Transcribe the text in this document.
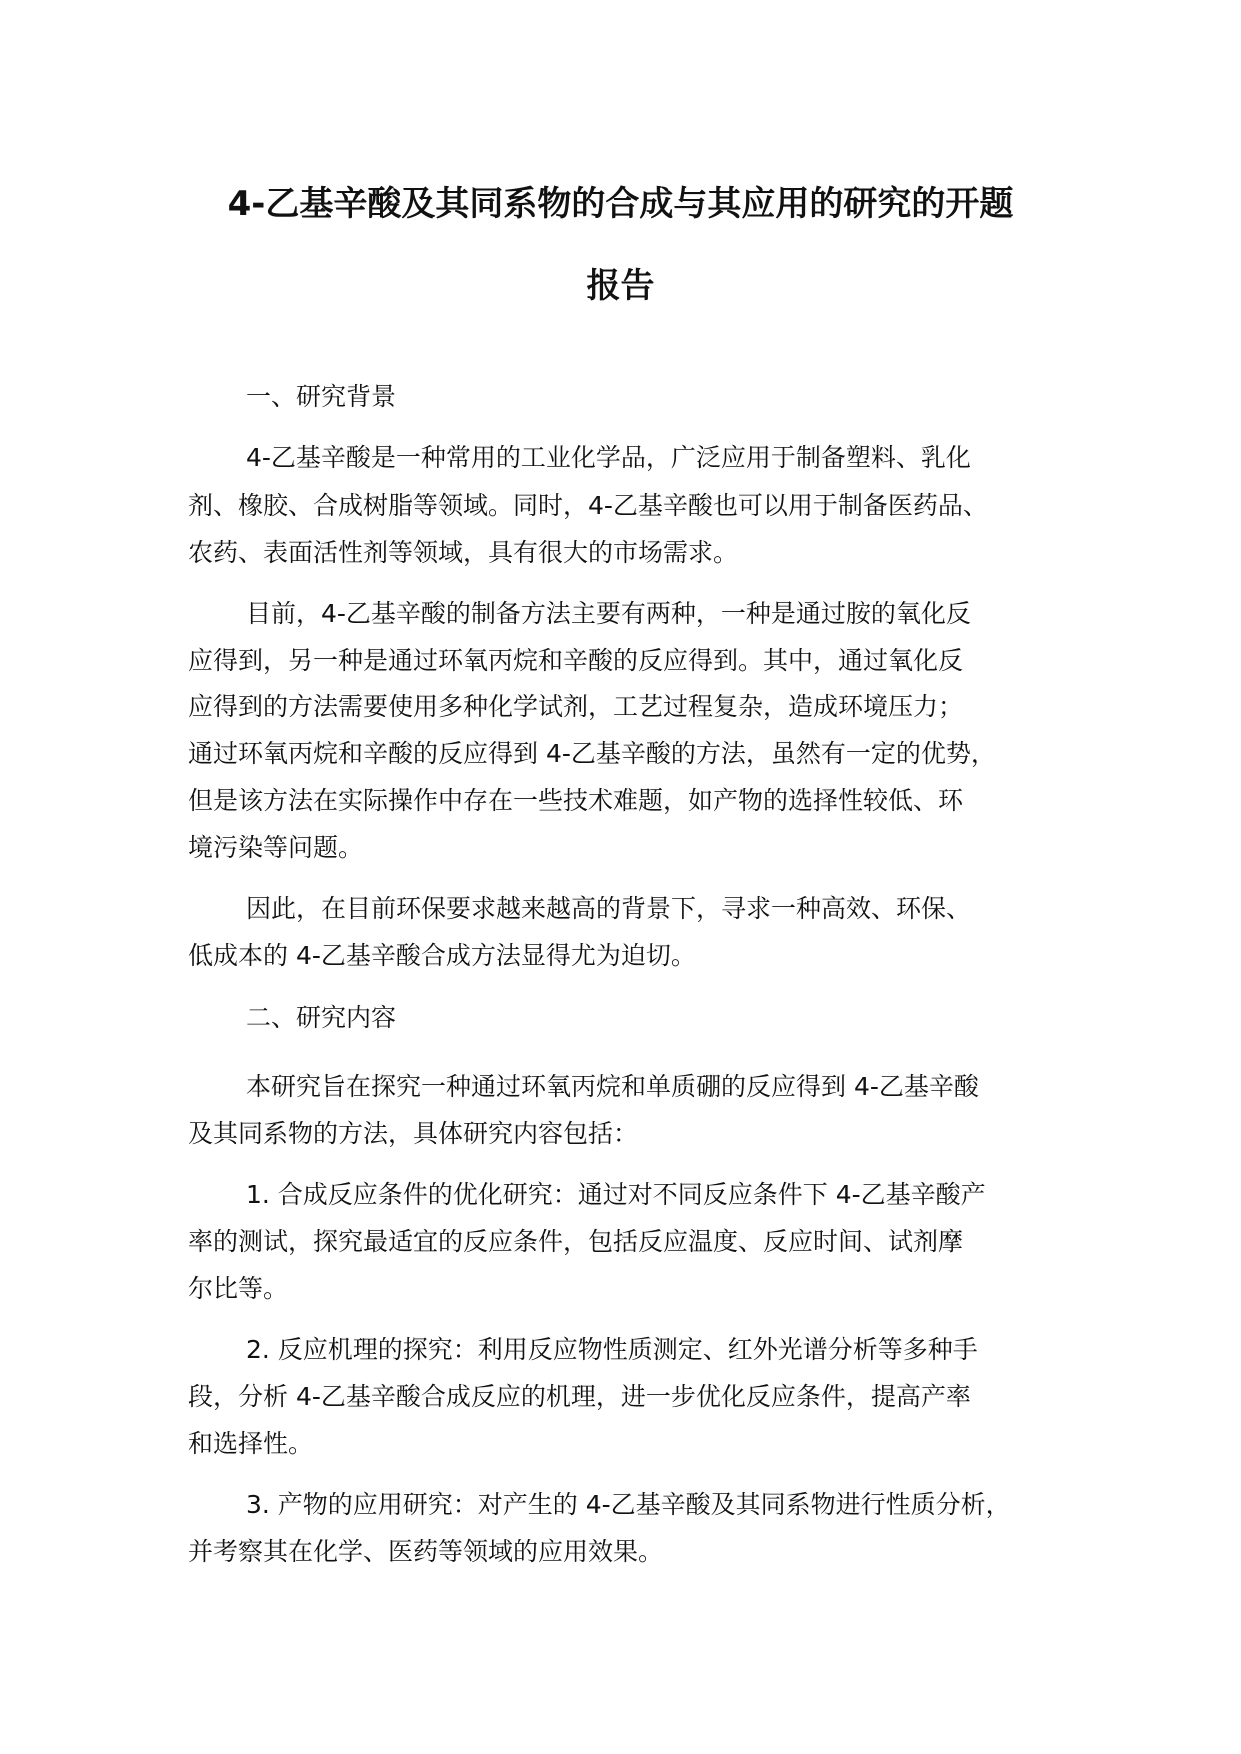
4-乙基辛酸及其同系物的合成与其应用的研究的开题
报告

一、研究背景

4-乙基辛酸是一种常用的工业化学品，广泛应用于制备塑料、乳化

剂、橡胶、合成树脂等领域。同时，4-乙基辛酸也可以用于制备医药品、

农药、表面活性剂等领域，具有很大的市场需求。

目前，4-乙基辛酸的制备方法主要有两种，一种是通过胺的氧化反

应得到，另一种是通过环氧丙烷和辛酸的反应得到。其中，通过氧化反

应得到的方法需要使用多种化学试剂，工艺过程复杂，造成环境压力；

通过环氧丙烷和辛酸的反应得到 4-乙基辛酸的方法，虽然有一定的优势，

但是该方法在实际操作中存在一些技术难题，如产物的选择性较低、环

境污染等问题。

因此，在目前环保要求越来越高的背景下，寻求一种高效、环保、

低成本的 4-乙基辛酸合成方法显得尤为迫切。

二、研究内容

本研究旨在探究一种通过环氧丙烷和单质硼的反应得到 4-乙基辛酸

及其同系物的方法，具体研究内容包括：

1. 合成反应条件的优化研究：通过对不同反应条件下 4-乙基辛酸产

率的测试，探究最适宜的反应条件，包括反应温度、反应时间、试剂摩

尔比等。

2. 反应机理的探究：利用反应物性质测定、红外光谱分析等多种手

段，分析 4-乙基辛酸合成反应的机理，进一步优化反应条件，提高产率

和选择性。

3. 产物的应用研究：对产生的 4-乙基辛酸及其同系物进行性质分析，

并考察其在化学、医药等领域的应用效果。
